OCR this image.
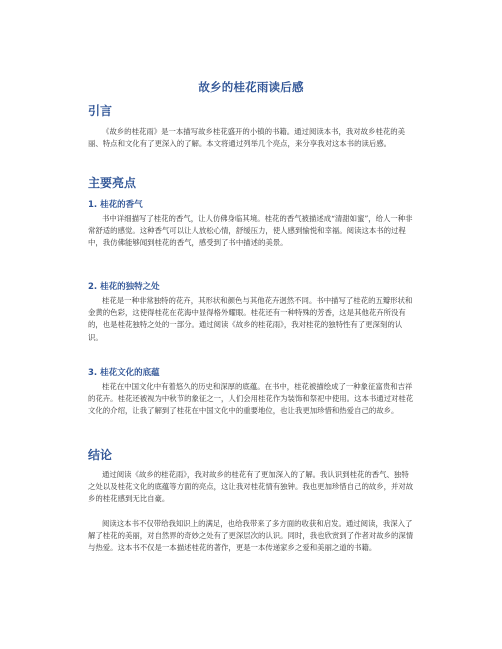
故乡的桂花雨读后感
引言

《故乡的桂花雨》是一本描写故乡桂花盛开的小镇的书籍。通过阅读本书，我对故乡桂花的美丽、特点和文化有了更深入的了解。本文将通过列举几个亮点，来分享我对这本书的读后感。

主要亮点
1. 桂花的香气

书中详细描写了桂花的香气，让人仿佛身临其境。桂花的香气被描述成“清甜如蜜”，给人一种非常舒适的感觉。这种香气可以让人放松心情，舒缓压力，使人感到愉悦和幸福。阅读这本书的过程中，我仿佛能够闻到桂花的香气，感受到了书中描述的美景。

2. 桂花的独特之处

桂花是一种非常独特的花卉，其形状和颜色与其他花卉迥然不同。书中描写了桂花的五瓣形状和金黄的色彩，这使得桂花在花海中显得格外耀眼。桂花还有一种特殊的芳香，这是其他花卉所没有的，也是桂花独特之处的一部分。通过阅读《故乡的桂花雨》，我对桂花的独特性有了更深刻的认识。

3. 桂花文化的底蕴

桂花在中国文化中有着悠久的历史和深厚的底蕴。在书中，桂花被描绘成了一种象征富贵和吉祥的花卉。桂花还被视为中秋节的象征之一，人们会用桂花作为装饰和祭祀中使用。这本书通过对桂花文化的介绍，让我了解到了桂花在中国文化中的重要地位，也让我更加珍惜和热爱自己的故乡。

结论

通过阅读《故乡的桂花雨》，我对故乡的桂花有了更加深入的了解。我认识到桂花的香气、独特之处以及桂花文化的底蕴等方面的亮点，这让我对桂花情有独钟。我也更加珍惜自己的故乡，并对故乡的桂花感到无比自豪。

阅读这本书不仅带给我知识上的满足，也给我带来了多方面的收获和启发。通过阅读，我深入了解了桂花的美丽，对自然界的奇妙之处有了更深层次的认识。同时，我也欣赏到了作者对故乡的深情与热爱。这本书不仅是一本描述桂花的著作，更是一本传递家乡之爱和美丽之道的书籍。
